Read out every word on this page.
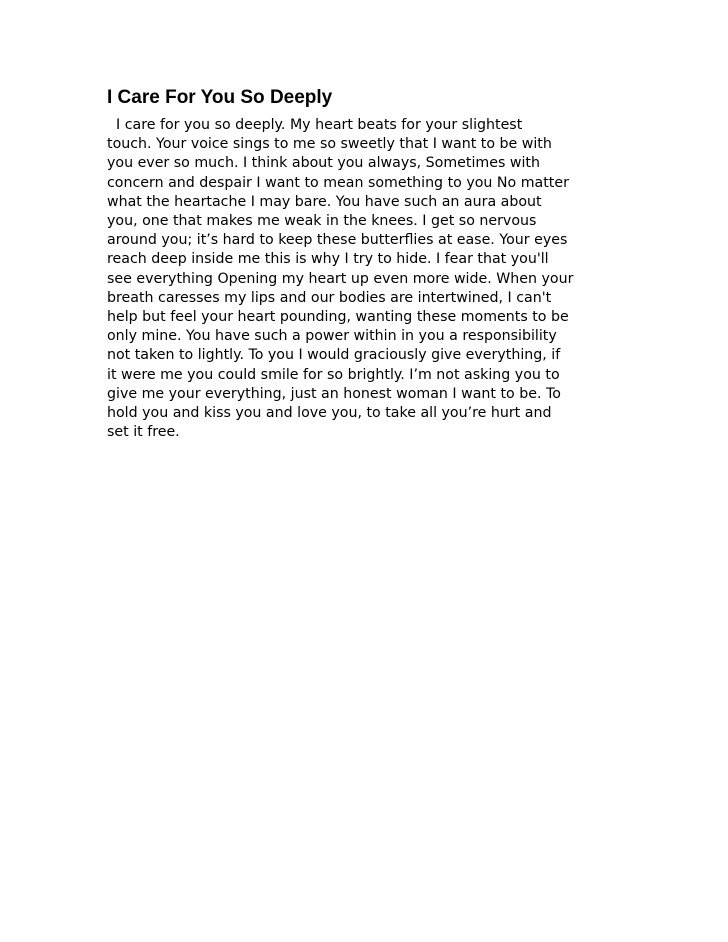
I Care For You So Deeply
I care for you so deeply. My heart beats for your slightest
touch. Your voice sings to me so sweetly that I want to be with
you ever so much. I think about you always, Sometimes with
concern and despair I want to mean something to you No matter
what the heartache I may bare. You have such an aura about
you, one that makes me weak in the knees. I get so nervous
around you; it’s hard to keep these butterflies at ease. Your eyes
reach deep inside me this is why I try to hide. I fear that you'll
see everything Opening my heart up even more wide. When your
breath caresses my lips and our bodies are intertwined, I can't
help but feel your heart pounding, wanting these moments to be
only mine. You have such a power within in you a responsibility
not taken to lightly. To you I would graciously give everything, if
it were me you could smile for so brightly. I’m not asking you to
give me your everything, just an honest woman I want to be. To
hold you and kiss you and love you, to take all you’re hurt and
set it free.
